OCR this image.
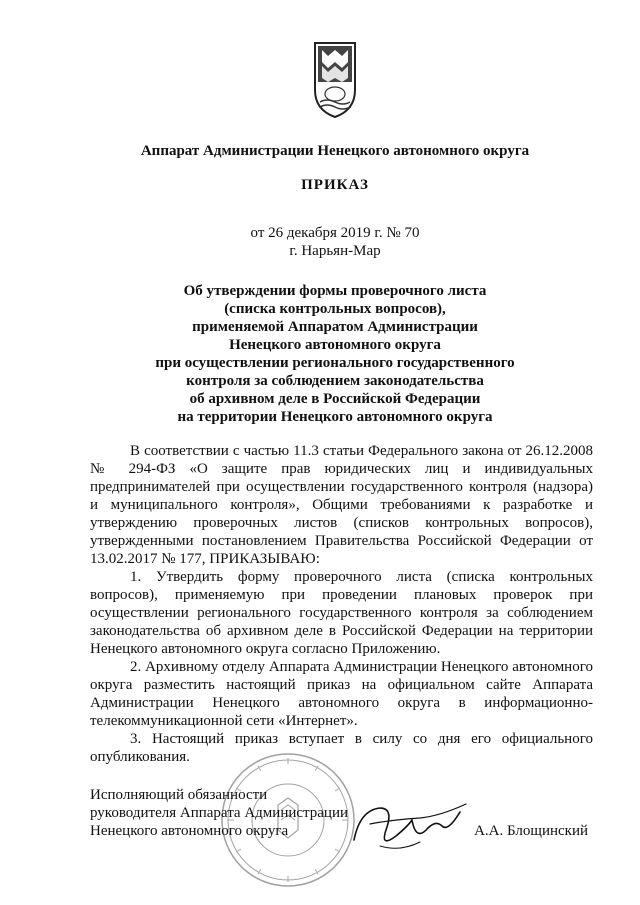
Аппарат Администрации Ненецкого автономного округа
ПРИКАЗ
от 26 декабря 2019 г. № 70
г. Нарьян-Мар
Об утверждении формы проверочного листа
(списка контрольных вопросов),
применяемой Аппаратом Администрации
Ненецкого автономного округа
при осуществлении регионального государственного
контроля за соблюдением законодательства
об архивном деле в Российской Федерации
на территории Ненецкого автономного округа

В соответствии с частью 11.3 статьи Федерального закона от 26.12.2008 № 294-ФЗ «О защите прав юридических лиц и индивидуальных предпринимателей при осуществлении государственного контроля (надзора) и муниципального контроля», Общими требованиями к разработке и утверждению проверочных листов (списков контрольных вопросов), утвержденными постановлением Правительства Российской Федерации от 13.02.2017 № 177, ПРИКАЗЫВАЮ:

1. Утвердить форму проверочного листа (списка контрольных вопросов), применяемую при проведении плановых проверок при осуществлении регионального государственного контроля за соблюдением законодательства об архивном деле в Российской Федерации на территории Ненецкого автономного округа согласно Приложению.

2. Архивному отделу Аппарата Администрации Ненецкого автономного округа разместить настоящий приказ на официальном сайте Аппарата Администрации Ненецкого автономного округа в информационно-телекоммуникационной сети «Интернет».

3. Настоящий приказ вступает в силу со дня его официального опубликования.

Исполняющий обязанности
руководителя Аппарата Администрации
Ненецкого автономного округа	А.А. Блощинский
